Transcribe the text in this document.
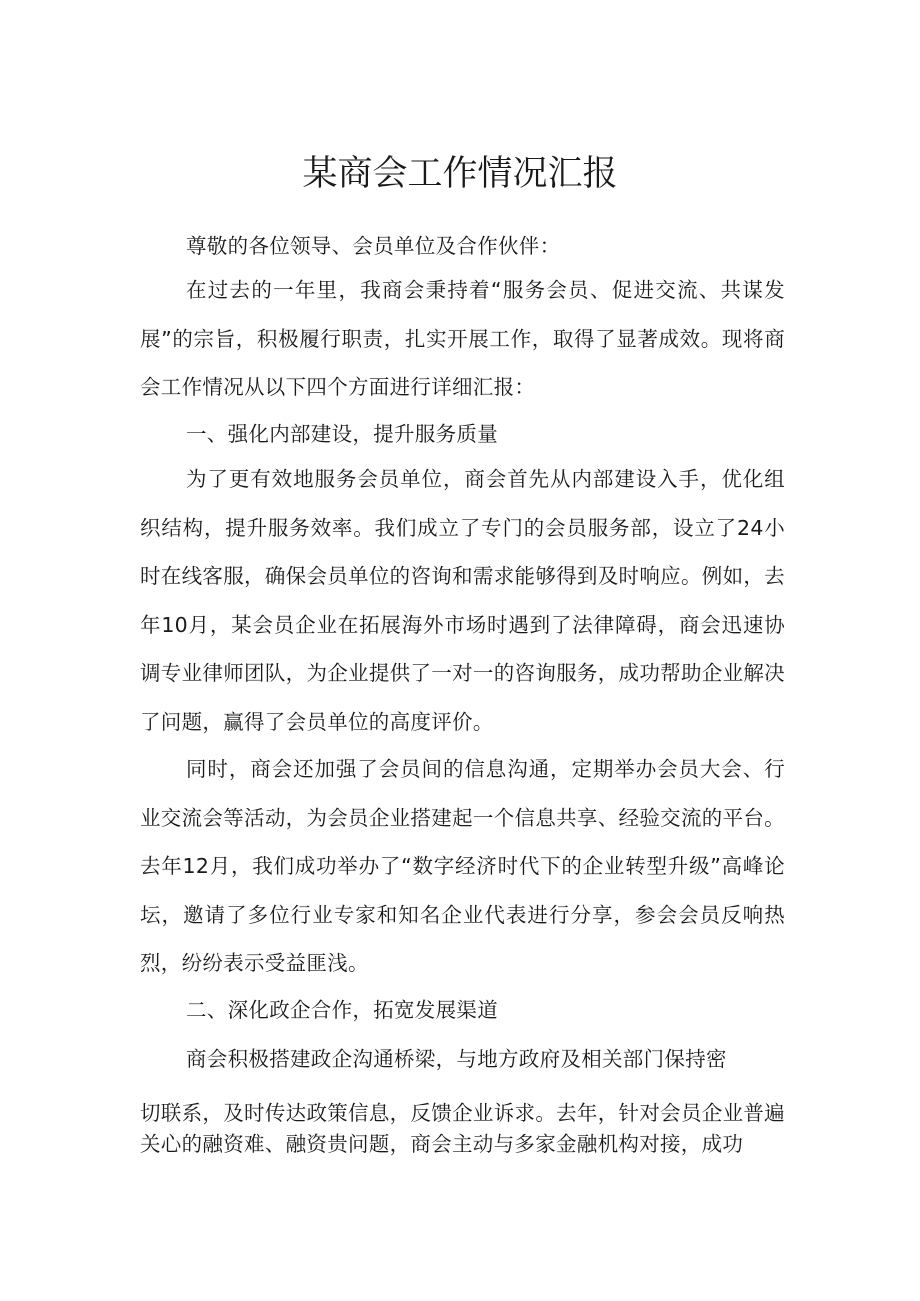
某商会工作情况汇报
尊敬的各位领导、会员单位及合作伙伴：
在过去的一年里，我商会秉持着“服务会员、促进交流、共谋发展”的宗旨，积极履行职责，扎实开展工作，取得了显著成效。现将商会工作情况从以下四个方面进行详细汇报：
一、强化内部建设，提升服务质量
为了更有效地服务会员单位，商会首先从内部建设入手，优化组织结构，提升服务效率。我们成立了专门的会员服务部，设立了24小时在线客服，确保会员单位的咨询和需求能够得到及时响应。例如，去年10月，某会员企业在拓展海外市场时遇到了法律障碍，商会迅速协调专业律师团队，为企业提供了一对一的咨询服务，成功帮助企业解决了问题，赢得了会员单位的高度评价。
同时，商会还加强了会员间的信息沟通，定期举办会员大会、行业交流会等活动，为会员企业搭建起一个信息共享、经验交流的平台。去年12月，我们成功举办了“数字经济时代下的企业转型升级”高峰论坛，邀请了多位行业专家和知名企业代表进行分享，参会会员反响热烈，纷纷表示受益匪浅。
二、深化政企合作，拓宽发展渠道
商会积极搭建政企沟通桥梁，与地方政府及相关部门保持密
切联系，及时传达政策信息，反馈企业诉求。去年，针对会员企业普遍关心的融资难、融资贵问题，商会主动与多家金融机构对接，成功
